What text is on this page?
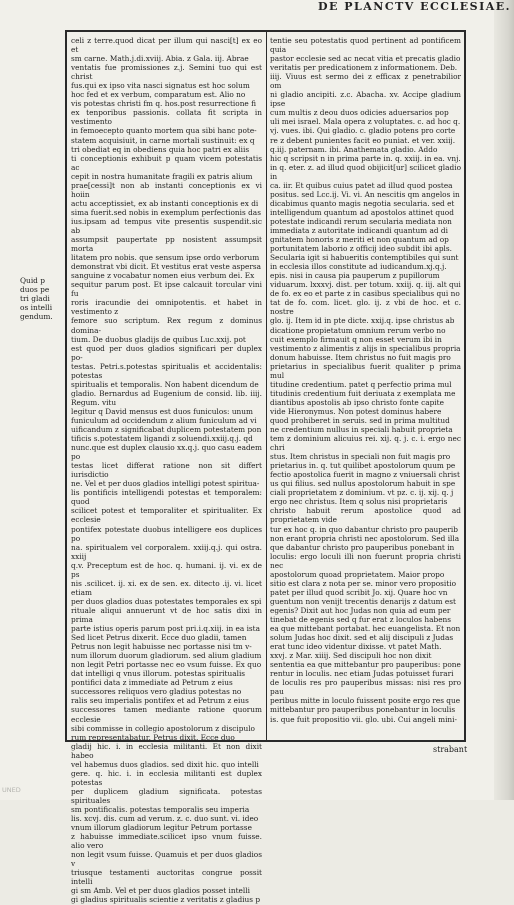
DE PLANCTV ECCLESIAE.
Quid p
duos pe
tri gladi
os intelli
gendum.
celi z terre.quod dicat per illum qui nasci[t] ex eo et
sm carne. Math.j.di.xviij. Abia. z Gala. iij. Abrae
ventatis fue promissiones z.j. Semini tuo qui est christ
fus.qui ex ipso vita nasci signatus est hoc solum
hoc fed et ex verbum, comparatum est. Alio no
vis potestas christi fm q. hos.post resurrectione fi
ex tenporibus passionis. collata fit scripta in vestimento
in femoecepto quanto mortem qua sibi hanc pote-
statem acquisiuit, in carne mortali sustinuit: ex q
tri obediat eq in obediens quia hoc patri ex aliis
ti conceptionis exhibuit p quam vicem potestatis ac
cepit in nostra humanitate fragili ex patris alium
prae[cessi]t non ab instanti conceptionis ex vi hoiin
actu acceptissiet, ex ab instanti conceptionis ex di
sima fuerit.sed nobis in exemplum perfectionis das
ius.ipsam ad tempus vite presentis suspendit.sic ab
assumpsit paupertate pp nosistent assumpsit morta
litatem pro nobis. que sensum ipse ordo verborum
demonstrat vbi dicit. Et vestitus erat veste aspersa
sanguine z vocabatur nomen eius verbum dei. Ex
sequitur parum post. Et ipse calcauit torcular vini fu
roris iracundie dei omnipotentis. et habet in vestimento z
femore suo scriptum. Rex regum z dominus domina-
tium. De duobus gladijs de quibus Luc.xxij. pot
est quod per duos gladios significari per duplex po-
testas. Petri.s.potestas spiritualis et accidentalis: potestas
spiritualis et temporalis. Non habent dicendum de
gladio. Bernardus ad Eugenium de consid. lib. iiij. Regum. vitu
legitur q David mensus est duos funiculos: unum
funiculum ad occidendum z alium funiculum ad vi
uificandum z significabat duplicem potestatem pon
tificis s.potestatem ligandi z soluendi.xxiij.q.j. qd
nunc.que est duplex clausio xx.q.j. quo casu eadem po
testas licet differat ratione non sit differt iurisdictio
ne. Vel et per duos gladios intelligi potest spiritua-
lis pontificis intelligendi potestas et temporalem: quod
scilicet potest et temporaliter et spiritualiter. Ex ecclesie
pontifex potestate duobus intelligere eos duplices po
na. spiritualem vel corporalem. xxiij.q.j. qui ostra. xxiij
q.v. Preceptum est de hoc. q. humani. ij. vi. ex de ps
nis .scilicet. ij. xi. ex de sen. ex. ditecto .ij. vi. licet etiam
per duos gladios duas potestates temporales ex spi
rituale aliqui annuerunt vt de hoc satis dixi in prima
parte istius operis parum post pri.i.q.xiij. in ea ista
Sed licet Petrus dixerit. Ecce duo gladii, tamen
Petrus non legit habuisse nec portasse nisi tm v-
num illorum duorum gladiorum. sed alium gladium
non legit Petri portasse nec eo vsum fuisse. Ex quo
dat intelligi q vnus illorum. potestas spiritualis
pontifici data z immediate ad Petrum z eius
successores reliquos vero gladius potestas no
ralis seu imperialis pontifex et ad Petrum z eius
successores tamen mediante ratione quorum ecclesie
sibi commisse in collegio apostolorum z discipulo
rum representabatur. Petrus dixit. Ecce duo
gladij hic. i. in ecclesia militanti. Et non dixit habeo
vel habemus duos gladios. sed dixit hic. quo intelli
gere. q. hic. i. in ecclesia militanti est duplex potestas
per duplicem gladium significata. potestas spirituales
sm pontificalis. potestas temporalis seu imperia
lis. xcvj. dis. cum ad verum. z. c. duo sunt. vi. ideo
vnum illorum gladiorum legitur Petrum portasse
z habuisse immediate.scilicet ipso vnum fuisse. alio vero
non legit vsum fuisse. Quamuis et per duos gladios v
triusque testamenti auctoritas congrue possit intelli
gi sm Amb. Vel et per duos gladios posset intelli
gi gladius spiritualis scientie z veritatis z gladius p
tentie seu potestatis quod pertinent ad pontificem quia
pastor ecclesie sed ac necat vitia et precatis gladio
veritatis per predicationem z informationem. Deb.
iiij. Viuus est sermo dei z efficax z penetrabilior om
ni gladio ancipiti. z.c. Abacha. xv. Accipe gladium ipse
cum multis z deou duos odicies aduersarios pop
uli mei israel. Mala opera z voluptates. c. ad hoc q.
vj. vues. ibi. Qui gladio. c. gladio potens pro corte
re z debent punientes facit eo puniat. et ver. xxiij.
q.iij. paternam. ibi. Anathemata gladio. Addo
hic q scripsit n in prima parte in. q. xxiij. in ea. vnj.
in q. eter. z. ad illud quod obijicit[ur] scilicet gladio in
ca. iir. Et quibus cuius patet ad illud quod postea
positus. sed Lcc.ij. Vi. vi. An nescitis qm angelos in
dicabimus quanto magis negotia secularia. sed et
intelligendum quantum ad apostolos attinet quod
potestate indicandi rerum secularia mediata non
immediata z autoritate indicandi quantum ad di
gnitatem honoris z meriti et non quantum ad op
portunitatem laborio z officij ideo subdit ibi apls.
Secularia igit si habueritis contemptibiles qui sunt
in ecclesia illos constitute ad iudicandum.xj.q.j.
epis. nisi in causa pia pauperum z pupillorum
viduarum. lxxxvj. dist. per totum. xxiij. q. iij. alt qui
de fo. ex eo et parte z in casibus specialibus qui no
tat de fo. com. licet. glo. ij. z vbi de hoc. et c. nostre
glo. ij. Item id in pte dicte. xxij.q. ipse christus ab
dicatione propietatum omnium rerum verbo no
cuit exemplo firmauit q non esset verum ibi in
vestimento z alimentis z alijs in specialibus propria
donum habuisse. Item christus no fuit magis pro
prietarius in specialibus fuerit qualiter p prima mul
titudine credentium. patet q perfectio prima mul
titudinis credentium fuit deriuata z exemplata me
diantibus apostolis ab ipso christo fonte capite
vide Hieronymus. Non potest dominus habere
quod prohiberet in seruis. sed in prima multitud
ne credentium nullus in speciali habuit proprieta
tem z dominium alicuius rei. xij. q. j. c. i. ergo nec chri
stus. Item christus in speciali non fuit magis pro
prietarius in. q. tut quilibet apostolorum quum pe
fectio apostolica fuerit in magno z vniuersali christ
us qui filius. sed nullus apostolorum habuit in spe
ciali proprietatem z dominium. vt pz. c. ij. xij. q. j
ergo nec christus. Item q solus nisi proprietaris
christo habuit rerum apostolice quod ad proprietatem vide
tur ex hoc q. in quo dabantur christo pro pauperib
non erant propria christi nec apostolorum. Sed illa
que dabantur christo pro pauperibus ponebant in
loculis: ergo loculi illi non fuerunt propria christi nec
apostolorum quoad proprietatem. Maior propo
sitio est clara z nota per se. minor vero propositio
patet per illud quod scribit Jo. xij. Quare hoc vn
guentum non venijt trecentis denarijs z datum est
egenis? Dixit aut hoc Judas non quia ad eum per
tinebat de egenis sed q fur erat z loculos habens
ea que mittebant portabat. hec euangelista. Et non
solum Judas hoc dixit. sed et alij discipuli z Judas
erat tunc ideo videntur dixisse. vt patet Math.
xxvj. z Mar. xiiij. Sed discipuli hoc non dixit
sententia ea que mittebantur pro pauperibus: pone
rentur in loculis. nec etiam Judas potuisset furari
de loculis res pro pauperibus missas: nisi res pro pau
peribus mitte in loculo fuissent posite ergo res que
mittebantur pro pauperibus ponebantur in loculis
is. que fuit propositio vii. glo. ubi. Cui angeli mini-
strabant
UNED
